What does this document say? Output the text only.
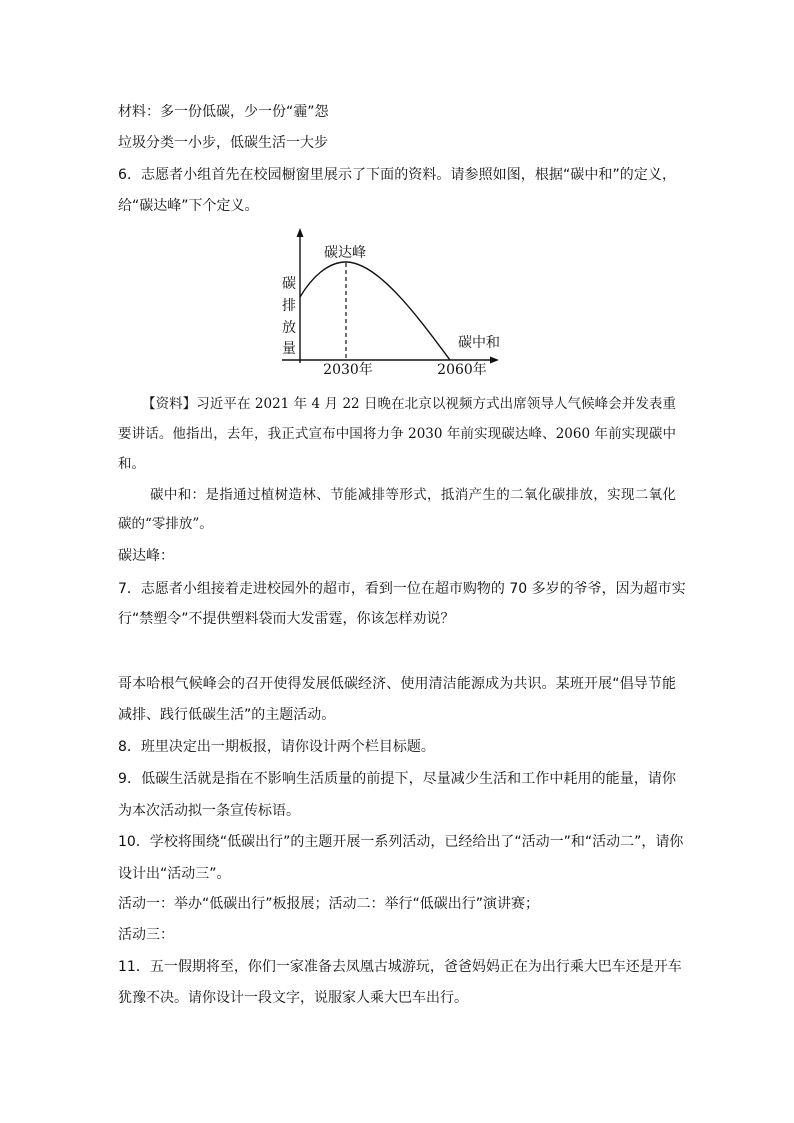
材料：多一份低碳，少一份“霾”怨
垃圾分类一小步，低碳生活一大步
6．志愿者小组首先在校园橱窗里展示了下面的资料。请参照如图，根据“碳中和”的定义，
给“碳达峰”下个定义。
碳
排
放
量
碳达峰
碳中和
2030年	2060年
【资料】习近平在 2021 年 4 月 22 日晚在北京以视频方式出席领导人气候峰会并发表重
要讲话。他指出，去年，我正式宣布中国将力争 2030 年前实现碳达峰、2060 年前实现碳中
和。
碳中和：是指通过植树造林、节能减排等形式，抵消产生的二氧化碳排放，实现二氧化
碳的“零排放”。
碳达峰：
7．志愿者小组接着走进校园外的超市，看到一位在超市购物的 70 多岁的爷爷，因为超市实
行“禁塑令”不提供塑料袋而大发雷霆，你该怎样劝说？
哥本哈根气候峰会的召开使得发展低碳经济、使用清洁能源成为共识。某班开展“倡导节能
减排、践行低碳生活”的主题活动。
8．班里决定出一期板报，请你设计两个栏目标题。
9．低碳生活就是指在不影响生活质量的前提下，尽量减少生活和工作中耗用的能量，请你
为本次活动拟一条宣传标语。
10．学校将围绕“低碳出行”的主题开展一系列活动，已经给出了“活动一”和“活动二”，请你
设计出“活动三”。
活动一：举办“低碳出行”板报展；活动二：举行“低碳出行”演讲赛；
活动三：
11．五一假期将至，你们一家准备去凤凰古城游玩，爸爸妈妈正在为出行乘大巴车还是开车
犹豫不决。请你设计一段文字，说服家人乘大巴车出行。
